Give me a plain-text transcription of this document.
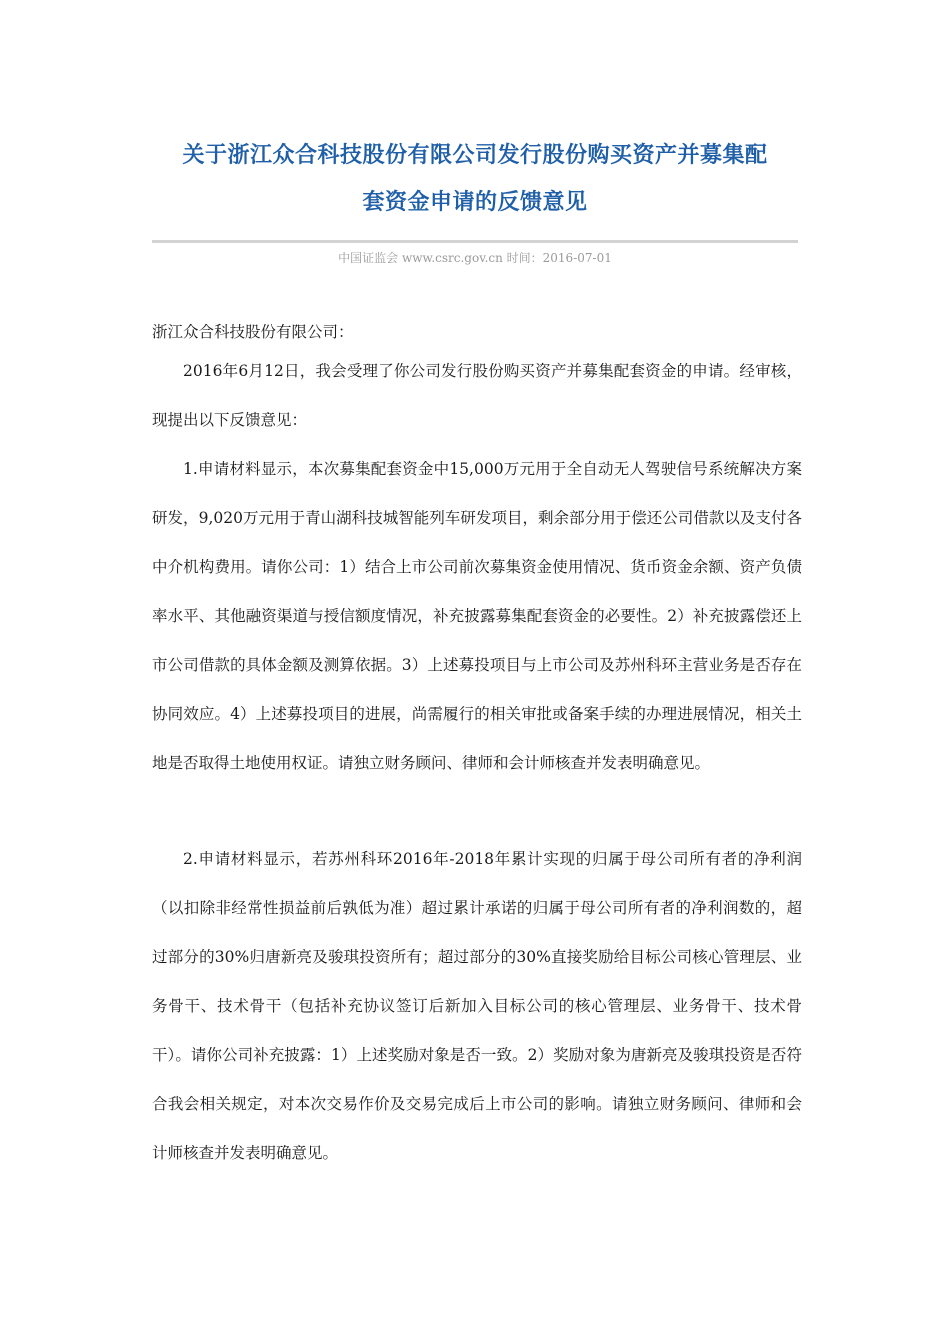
关于浙江众合科技股份有限公司发行股份购买资产并募集配
套资金申请的反馈意见
中国证监会 www.csrc.gov.cn 时间：2016-07-01
浙江众合科技股份有限公司：
2016年6月12日，我会受理了你公司发行股份购买资产并募集配套资金的申请。经审核，现提出以下反馈意见：
1.申请材料显示，本次募集配套资金中15,000万元用于全自动无人驾驶信号系统解决方案研发，9,020万元用于青山湖科技城智能列车研发项目，剩余部分用于偿还公司借款以及支付各中介机构费用。请你公司：1）结合上市公司前次募集资金使用情况、货币资金余额、资产负债率水平、其他融资渠道与授信额度情况，补充披露募集配套资金的必要性。2）补充披露偿还上市公司借款的具体金额及测算依据。3）上述募投项目与上市公司及苏州科环主营业务是否存在协同效应。4）上述募投项目的进展，尚需履行的相关审批或备案手续的办理进展情况，相关土地是否取得土地使用权证。请独立财务顾问、律师和会计师核查并发表明确意见。
2.申请材料显示，若苏州科环2016年-2018年累计实现的归属于母公司所有者的净利润（以扣除非经常性损益前后孰低为准）超过累计承诺的归属于母公司所有者的净利润数的，超过部分的30%归唐新亮及骏琪投资所有；超过部分的30%直接奖励给目标公司核心管理层、业务骨干、技术骨干（包括补充协议签订后新加入目标公司的核心管理层、业务骨干、技术骨干）。请你公司补充披露：1）上述奖励对象是否一致。2）奖励对象为唐新亮及骏琪投资是否符合我会相关规定，对本次交易作价及交易完成后上市公司的影响。请独立财务顾问、律师和会计师核查并发表明确意见。
